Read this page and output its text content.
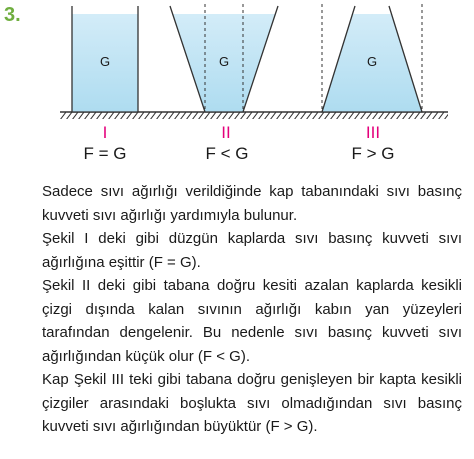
3.
G	G	G
I	II	III
F = G	F < G	F > G

Sadece sıvı ağırlığı verildiğinde kap tabanındaki sıvı basınç kuvveti sıvı ağırlığı yardımıyla bulunur.

Şekil I deki gibi düzgün kaplarda sıvı basınç kuvveti sıvı ağırlığına eşittir (F = G).

Şekil II deki gibi tabana doğru kesiti azalan kaplarda kesikli çizgi dışında kalan sıvının ağırlığı kabın yan yüzeyleri tarafından dengelenir. Bu nedenle sıvı basınç kuvveti sıvı ağırlığından küçük olur (F < G).

Kap Şekil III teki gibi tabana doğru genişleyen bir kapta kesikli çizgiler arasındaki boşlukta sıvı olmadığından sıvı basınç kuvveti sıvı ağırlığından büyüktür (F > G).
